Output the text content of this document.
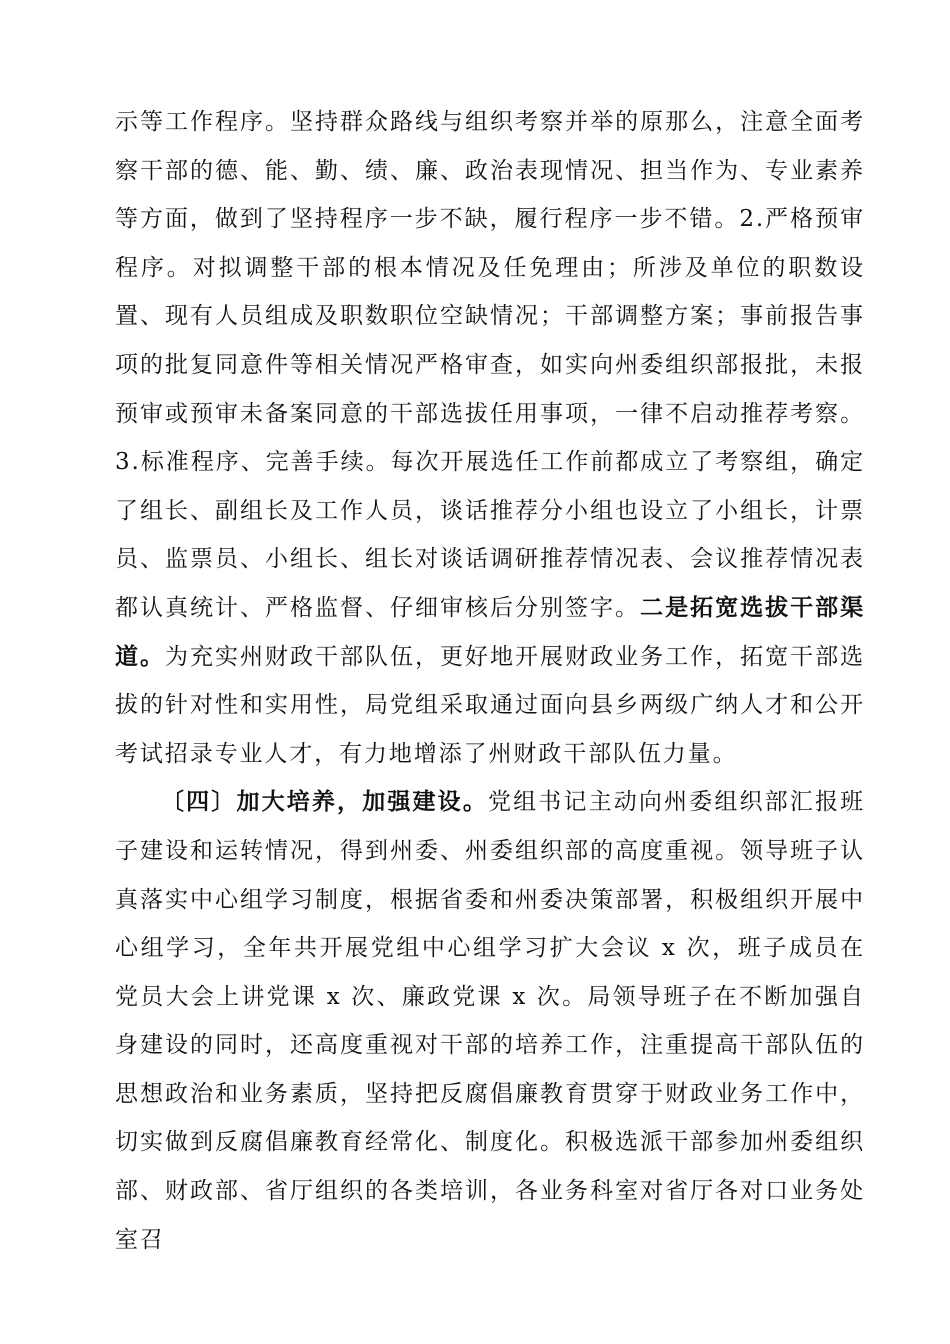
示等工作程序。坚持群众路线与组织考察并举的原那么，注意全面考察干部的德、能、勤、绩、廉、政治表现情况、担当作为、专业素养等方面，做到了坚持程序一步不缺，履行程序一步不错。2.严格预审程序。对拟调整干部的根本情况及任免理由；所涉及单位的职数设置、现有人员组成及职数职位空缺情况；干部调整方案；事前报告事项的批复同意件等相关情况严格审查，如实向州委组织部报批，未报预审或预审未备案同意的干部选拔任用事项，一律不启动推荐考察。3.标准程序、完善手续。每次开展选任工作前都成立了考察组，确定了组长、副组长及工作人员，谈话推荐分小组也设立了小组长，计票员、监票员、小组长、组长对谈话调研推荐情况表、会议推荐情况表都认真统计、严格监督、仔细审核后分别签字。二是拓宽选拔干部渠道。为充实州财政干部队伍，更好地开展财政业务工作，拓宽干部选拔的针对性和实用性，局党组采取通过面向县乡两级广纳人才和公开考试招录专业人才，有力地增添了州财政干部队伍力量。

〔四〕加大培养，加强建设。党组书记主动向州委组织部汇报班子建设和运转情况，得到州委、州委组织部的高度重视。领导班子认真落实中心组学习制度，根据省委和州委决策部署，积极组织开展中心组学习，全年共开展党组中心组学习扩大会议 x 次，班子成员在党员大会上讲党课 x 次、廉政党课 x 次。局领导班子在不断加强自身建设的同时，还高度重视对干部的培养工作，注重提高干部队伍的思想政治和业务素质，坚持把反腐倡廉教育贯穿于财政业务工作中，切实做到反腐倡廉教育经常化、制度化。积极选派干部参加州委组织部、财政部、省厅组织的各类培训，各业务科室对省厅各对口业务处室召
